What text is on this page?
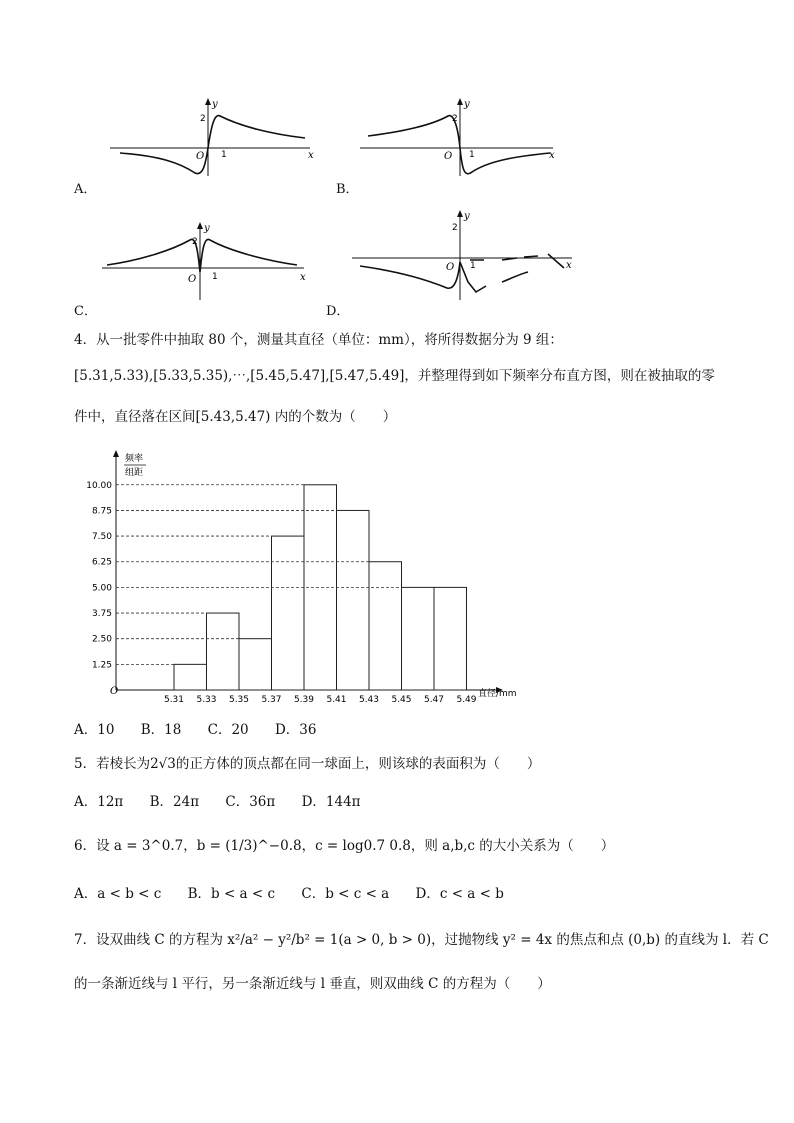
y
x
O 1
2
A．
y
x
O 1
2
B．
y
x
O 1
2
C．
y
x
O 1
2
D．
4．从一批零件中抽取 80 个，测量其直径（单位：mm），将所得数据分为 9 组：
[5.31,5.33),[5.33,5.35),⋯,[5.45,5.47],[5.47,5.49]，并整理得到如下频率分布直方图，则在被抽取的零
件中，直径落在区间[5.43,5.47) 内的个数为（　　）
频率
组距
直径/mm
O
10.00
8.75
7.50
6.25
5.00
3.75
2.50
1.25
5.31 5.33 5.35 5.37 5.39 5.41 5.43 5.45 5.47 5.49
A．10 B．18 C．20 D．36
5．若棱长为2√3的正方体的顶点都在同一球面上，则该球的表面积为（　　）
A．12π B．24π C．36π D．144π
6．设 a = 3^0.7，b = (1/3)^−0.8，c = log0.7 0.8，则 a,b,c 的大小关系为（　　）
A．a < b < c B．b < a < c C．b < c < a D．c < a < b
7．设双曲线 C 的方程为 x²/a² − y²/b² = 1(a > 0, b > 0)，过抛物线 y² = 4x 的焦点和点 (0,b) 的直线为 l．若 C
的一条渐近线与 l 平行，另一条渐近线与 l 垂直，则双曲线 C 的方程为（　　）
